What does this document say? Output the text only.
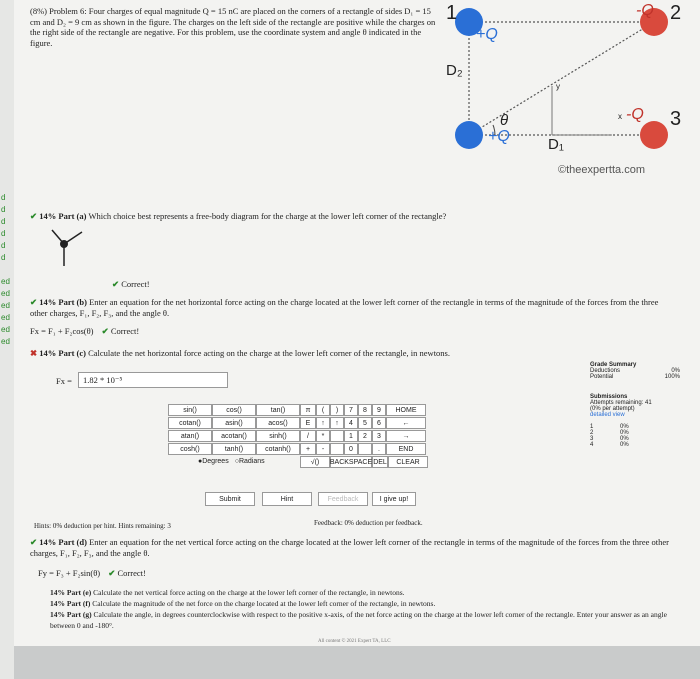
d
d
d
d
d
d
ed
ed
ed
ed
ed
ed
(8%) Problem 6: Four charges of equal magnitude Q = 15 nC are placed on the corners of a rectangle of sides D₁ = 15 cm and D₂ = 9 cm as shown in the figure. The charges on the left side of the rectangle are positive while the charges on the right side of the rectangle are negative. For this problem, use the coordinate system and angle θ indicated in the figure.
1	2
3
-Q
+Q
D₂
y
x
θ	-Q
+Q	D₁
©theexpertta.com
✔ 14% Part (a) Which choice best represents a free-body diagram for the charge at the lower left corner of the rectangle?
✔ Correct!
✔ 14% Part (b) Enter an equation for the net horizontal force acting on the charge located at the lower left corner of the rectangle in terms of the magnitude of the forces from the three other charges, F₁, F₂, F₃, and the angle θ.
Fx = F₁ + F₂cos(θ) ✔ Correct!
✖ 14% Part (c) Calculate the net horizontal force acting on the charge at the lower left corner of the rectangle, in newtons.
Fx =	1.82 * 10⁻⁵
sin()	cos()	tan()	π	(	)	7	8	9	HOME
cotan()	asin()	acos()	E	↑	↑	4	5	6	←
atan()	acotan()	sinh()	/	*	1	2	3	→
cosh()	tanh()	cotanh()	+	-	0	.	END
● Degrees ○ Radians	√()	BACKSPACE DEL	CLEAR
Submit	Hint	Feedback	I give up!
Hints: 0% deduction per hint. Hints remaining: 3	Feedback: 0% deduction per feedback.
Grade Summary
Deductions	0%
Potential	100%
Submissions
Attempts remaining: 41
(0% per attempt)
detailed view
1	0%
2	0%
3	0%
4	0%
✔ 14% Part (d) Enter an equation for the net vertical force acting on the charge located at the lower left corner of the rectangle in terms of the magnitude of the forces from the three other charges, F₁, F₂, F₃, and the angle θ.
Fy = F₃ + F₂sin(θ) ✔ Correct!
14% Part (e) Calculate the net vertical force acting on the charge at the lower left corner of the rectangle, in newtons.
14% Part (f) Calculate the magnitude of the net force on the charge located at the lower left corner of the rectangle, in newtons.
14% Part (g) Calculate the angle, in degrees counterclockwise with respect to the positive x-axis, of the net force acting on the charge at the lower left corner of the rectangle. Enter your answer as an angle between 0 and -180°.
All content © 2021 Expert TA, LLC
